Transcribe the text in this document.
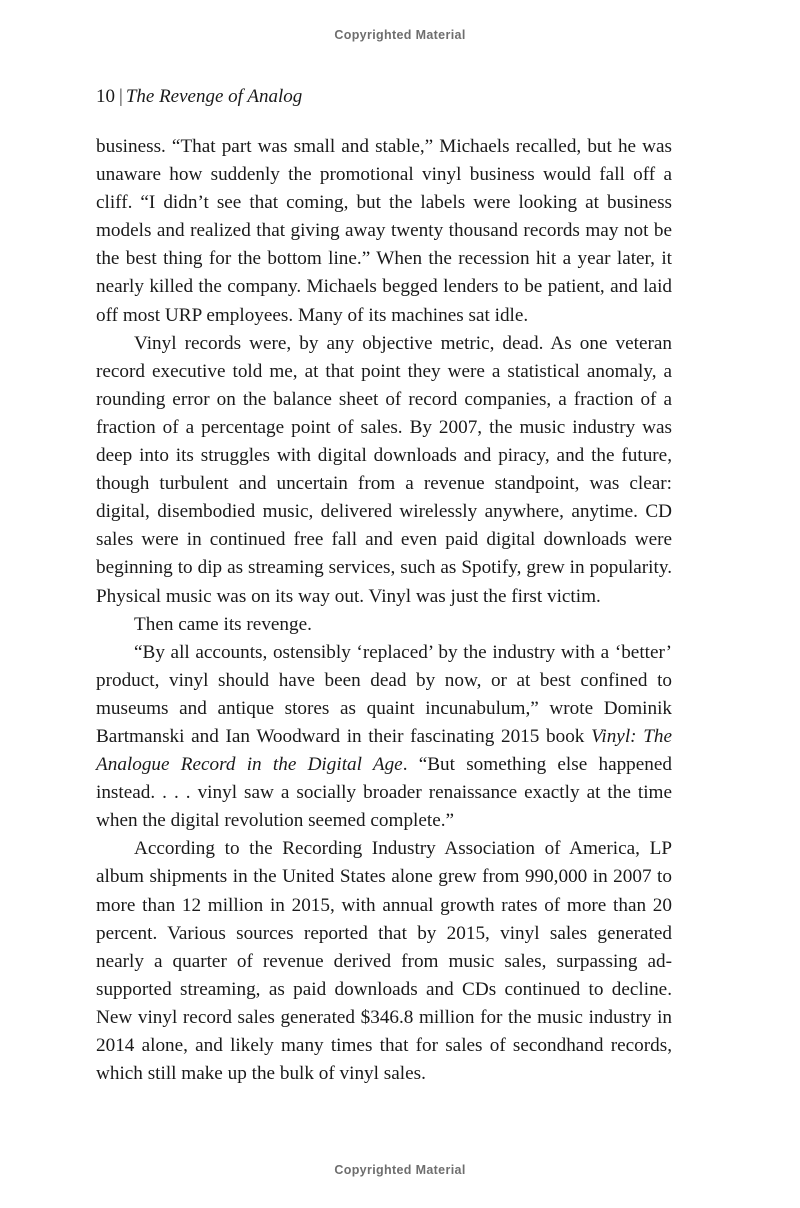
Copyrighted Material
10 | The Revenge of Analog

business. “That part was small and stable,” Michaels recalled, but he was unaware how suddenly the promotional vinyl business would fall off a cliff. “I didn’t see that coming, but the labels were looking at business models and realized that giving away twenty thousand records may not be the best thing for the bottom line.” When the recession hit a year later, it nearly killed the company. Michaels begged lenders to be patient, and laid off most URP employees. Many of its machines sat idle.

Vinyl records were, by any objective metric, dead. As one veteran record executive told me, at that point they were a statistical anomaly, a rounding error on the balance sheet of record companies, a fraction of a fraction of a percentage point of sales. By 2007, the music industry was deep into its struggles with digital downloads and piracy, and the future, though turbulent and uncertain from a revenue standpoint, was clear: digital, disembodied music, delivered wirelessly anywhere, anytime. CD sales were in continued free fall and even paid digital downloads were beginning to dip as streaming services, such as Spotify, grew in popularity. Physical music was on its way out. Vinyl was just the first victim.

Then came its revenge.

“By all accounts, ostensibly ‘replaced’ by the industry with a ‘better’ product, vinyl should have been dead by now, or at best confined to museums and antique stores as quaint incunabulum,” wrote Dominik Bartmanski and Ian Woodward in their fascinating 2015 book Vinyl: The Analogue Record in the Digital Age. “But something else happened instead. . . . vinyl saw a socially broader renaissance exactly at the time when the digital revolution seemed complete.”

According to the Recording Industry Association of America, LP album shipments in the United States alone grew from 990,000 in 2007 to more than 12 million in 2015, with annual growth rates of more than 20 percent. Various sources reported that by 2015, vinyl sales generated nearly a quarter of revenue derived from music sales, surpassing ad-supported streaming, as paid downloads and CDs continued to decline. New vinyl record sales generated $346.8 million for the music industry in 2014 alone, and likely many times that for sales of secondhand records, which still make up the bulk of vinyl sales.

Copyrighted Material
